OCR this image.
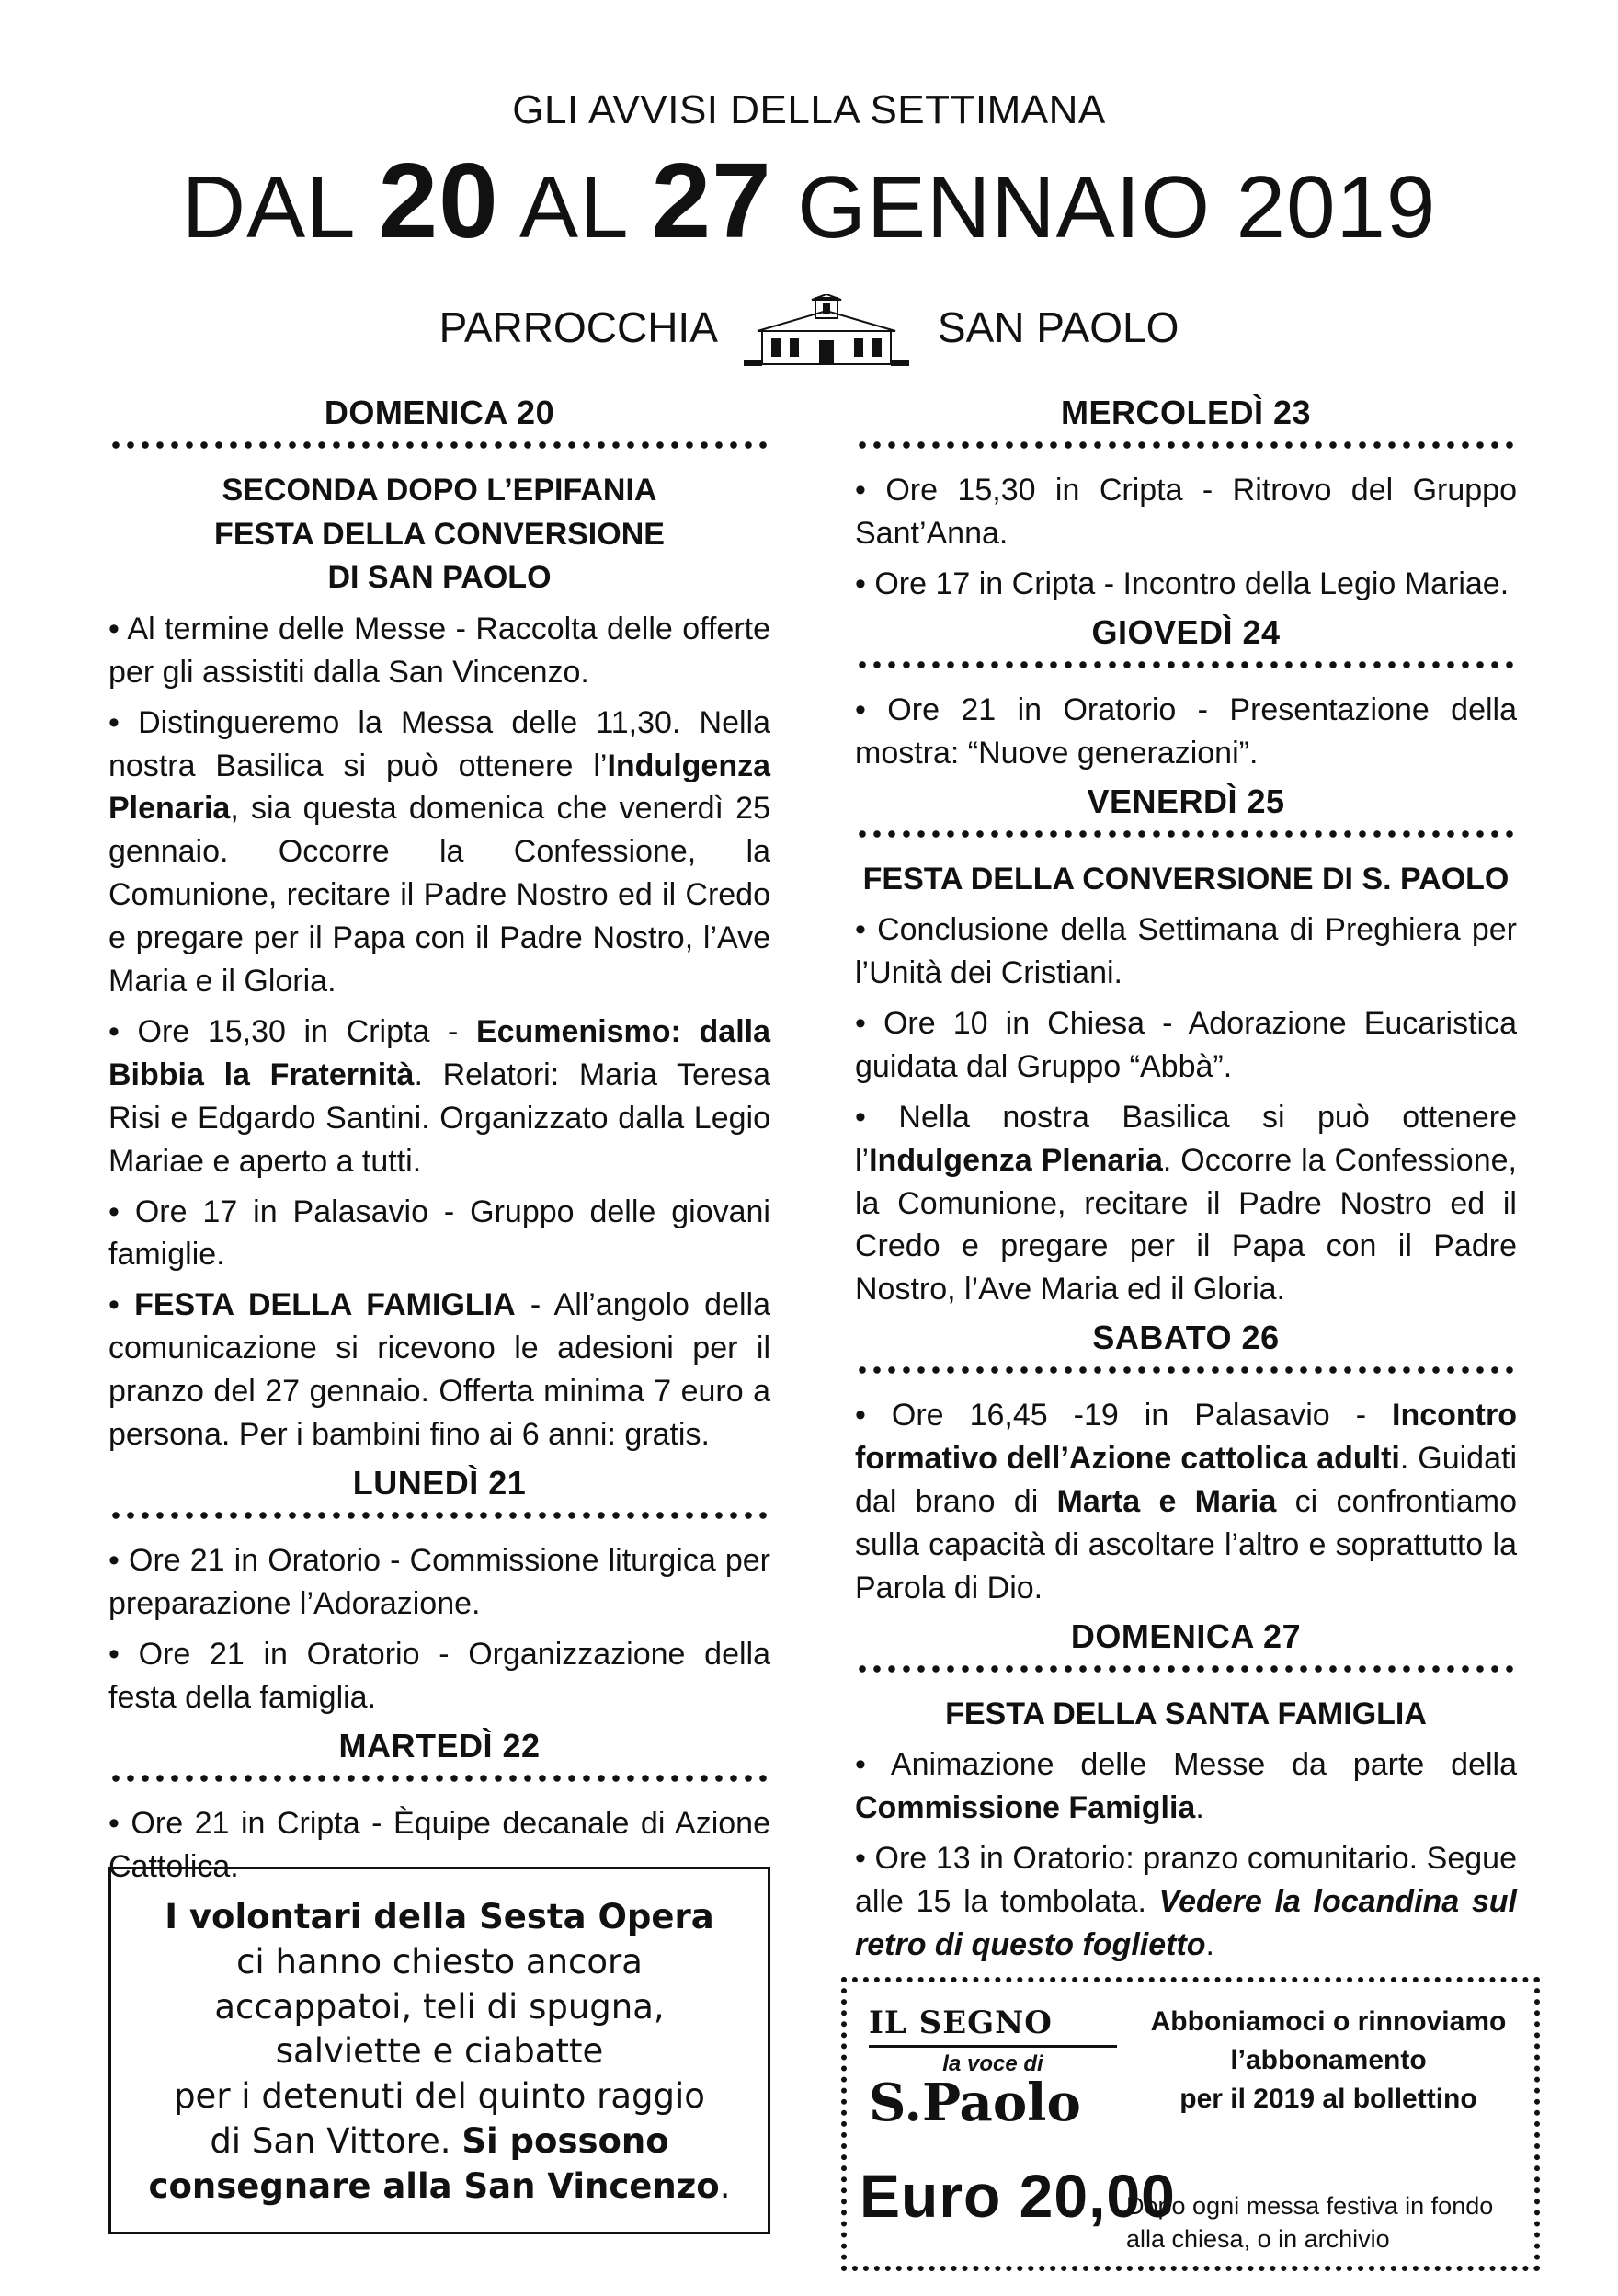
GLI AVVISI DELLA SETTIMANA
DAL 20 AL 27 GENNAIO 2019
PARROCCHIA	SAN PAOLO
DOMENICA 20
SECONDA DOPO L’EPIFANIA
FESTA DELLA CONVERSIONE
DI SAN PAOLO

• Al termine delle Messe - Raccolta delle offerte per gli assistiti dalla San Vincenzo.

• Distingueremo la Messa delle 11,30. Nella nostra Basilica si può ottenere l’Indulgenza Plenaria, sia questa domenica che venerdì 25 gennaio. Occorre la Confessione, la Comunione, recitare il Padre Nostro ed il Credo e pregare per il Papa con il Padre Nostro, l’Ave Maria e il Gloria.

• Ore 15,30 in Cripta - Ecumenismo: dalla Bibbia la Fraternità. Relatori: Maria Teresa Risi e Edgardo Santini. Organizzato dalla Legio Mariae e aperto a tutti.

• Ore 17 in Palasavio - Gruppo delle giovani famiglie.

• FESTA DELLA FAMIGLIA - All’angolo della comunicazione si ricevono le adesioni per il pranzo del 27 gennaio. Offerta minima 7 euro a persona. Per i bambini fino ai 6 anni: gratis.

LUNEDÌ 21

• Ore 21 in Oratorio - Commissione liturgica per preparazione l’Adorazione.

• Ore 21 in Oratorio - Organizzazione della festa della famiglia.

MARTEDÌ 22

• Ore 21 in Cripta - Èquipe decanale di Azione Cattolica.

I volontari della Sesta Opera
ci hanno chiesto ancora
accappatoi, teli di spugna,
salviette e ciabatte
per i detenuti del quinto raggio
di San Vittore. Si possono
consegnare alla San Vincenzo.
MERCOLEDÌ 23

• Ore 15,30 in Cripta - Ritrovo del Gruppo Sant’Anna.

• Ore 17 in Cripta - Incontro della Legio Mariae.

GIOVEDÌ 24

• Ore 21 in Oratorio - Presentazione della mostra: “Nuove generazioni”.

VENERDÌ 25
FESTA DELLA CONVERSIONE DI S. PAOLO

• Conclusione della Settimana di Preghiera per l’Unità dei Cristiani.

• Ore 10 in Chiesa - Adorazione Eucaristica guidata dal Gruppo “Abbà”.

• Nella nostra Basilica si può ottenere l’Indulgenza Plenaria. Occorre la Confessione, la Comunione, recitare il Padre Nostro ed il Credo e pregare per il Papa con il Padre Nostro, l’Ave Maria ed il Gloria.

SABATO 26

• Ore 16,45 -19 in Palasavio - Incontro formativo dell’Azione cattolica adulti. Guidati dal brano di Marta e Maria ci confrontiamo sulla capacità di ascoltare l’altro e soprattutto la Parola di Dio.

DOMENICA 27
FESTA DELLA SANTA FAMIGLIA

• Animazione delle Messe da parte della Commissione Famiglia.

• Ore 13 in Oratorio: pranzo comunitario. Segue alle 15 la tombolata. Vedere la locandina sul retro di questo foglietto.

IL SEGNO
la voce di
S.Paolo
Euro 20,00
Abboniamoci o rinnoviamo
l’abbonamento
per il 2019 al bollettino
Dopo ogni messa festiva in fondo alla chiesa, o in archivio
